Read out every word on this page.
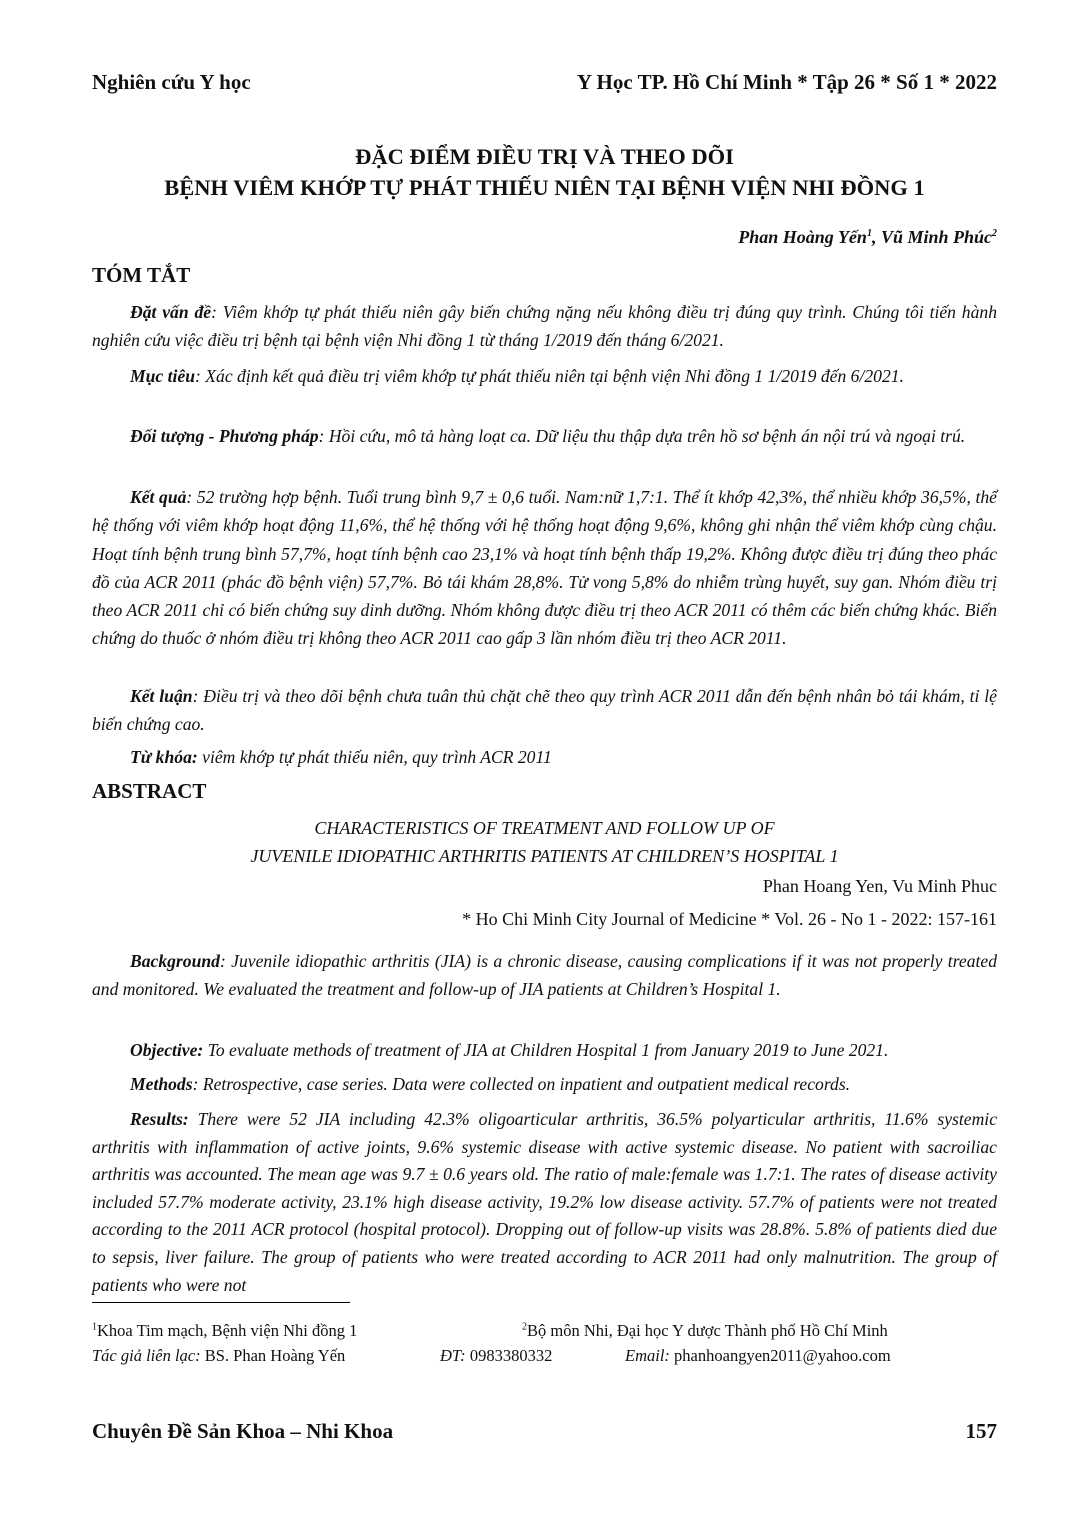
Nghiên cứu Y học	Y Học TP. Hồ Chí Minh * Tập 26 * Số 1 * 2022
ĐẶC ĐIỂM ĐIỀU TRỊ VÀ THEO DÕI
BỆNH VIÊM KHỚP TỰ PHÁT THIẾU NIÊN TẠI BỆNH VIỆN NHI ĐỒNG 1
Phan Hoàng Yến$^1$, Vũ Minh Phúc$^2$
TÓM TẮT
Đặt vấn đề: Viêm khớp tự phát thiếu niên gây biến chứng nặng nếu không điều trị đúng quy trình. Chúng tôi tiến hành nghiên cứu việc điều trị bệnh tại bệnh viện Nhi đồng 1 từ tháng 1/2019 đến tháng 6/2021.
Mục tiêu: Xác định kết quả điều trị viêm khớp tự phát thiếu niên tại bệnh viện Nhi đồng 1 1/2019 đến 6/2021.
Đối tượng - Phương pháp: Hồi cứu, mô tả hàng loạt ca. Dữ liệu thu thập dựa trên hồ sơ bệnh án nội trú và ngoại trú.
Kết quả: 52 trường hợp bệnh. Tuổi trung bình 9,7 ± 0,6 tuổi. Nam:nữ 1,7:1. Thể ít khớp 42,3%, thể nhiều khớp 36,5%, thể hệ thống với viêm khớp hoạt động 11,6%, thể hệ thống với hệ thống hoạt động 9,6%, không ghi nhận thể viêm khớp cùng chậu. Hoạt tính bệnh trung bình 57,7%, hoạt tính bệnh cao 23,1% và hoạt tính bệnh thấp 19,2%. Không được điều trị đúng theo phác đồ của ACR 2011 (phác đồ bệnh viện) 57,7%. Bỏ tái khám 28,8%. Tử vong 5,8% do nhiễm trùng huyết, suy gan. Nhóm điều trị theo ACR 2011 chỉ có biến chứng suy dinh dưỡng. Nhóm không được điều trị theo ACR 2011 có thêm các biến chứng khác. Biến chứng do thuốc ở nhóm điều trị không theo ACR 2011 cao gấp 3 lần nhóm điều trị theo ACR 2011.
Kết luận: Điều trị và theo dõi bệnh chưa tuân thủ chặt chẽ theo quy trình ACR 2011 dẫn đến bệnh nhân bỏ tái khám, tỉ lệ biến chứng cao.
Từ khóa: viêm khớp tự phát thiếu niên, quy trình ACR 2011
ABSTRACT
CHARACTERISTICS OF TREATMENT AND FOLLOW UP OF
JUVENILE IDIOPATHIC ARTHRITIS PATIENTS AT CHILDREN’S HOSPITAL 1
Phan Hoang Yen, Vu Minh Phuc
* Ho Chi Minh City Journal of Medicine * Vol. 26 - No 1 - 2022: 157-161
Background: Juvenile idiopathic arthritis (JIA) is a chronic disease, causing complications if it was not properly treated and monitored. We evaluated the treatment and follow-up of JIA patients at Children’s Hospital 1.
Objective: To evaluate methods of treatment of JIA at Children Hospital 1 from January 2019 to June 2021.
Methods: Retrospective, case series. Data were collected on inpatient and outpatient medical records.
Results: There were 52 JIA including 42.3% oligoarticular arthritis, 36.5% polyarticular arthritis, 11.6% systemic arthritis with inflammation of active joints, 9.6% systemic disease with active systemic disease. No patient with sacroiliac arthritis was accounted. The mean age was 9.7 ± 0.6 years old. The ratio of male:female was 1.7:1. The rates of disease activity included 57.7% moderate activity, 23.1% high disease activity, 19.2% low disease activity. 57.7% of patients were not treated according to the 2011 ACR protocol (hospital protocol). Dropping out of follow-up visits was 28.8%. 5.8% of patients died due to sepsis, liver failure. The group of patients who were treated according to ACR 2011 had only malnutrition. The group of patients who were not
$^1$Khoa Tim mạch, Bệnh viện Nhi đồng 1	$^2$Bộ môn Nhi, Đại học Y dược Thành phố Hồ Chí Minh
Tác giả liên lạc: BS. Phan Hoàng Yến	ĐT: 0983380332	Email: phanhoangyen2011@yahoo.com
Chuyên Đề Sản Khoa – Nhi Khoa	157
